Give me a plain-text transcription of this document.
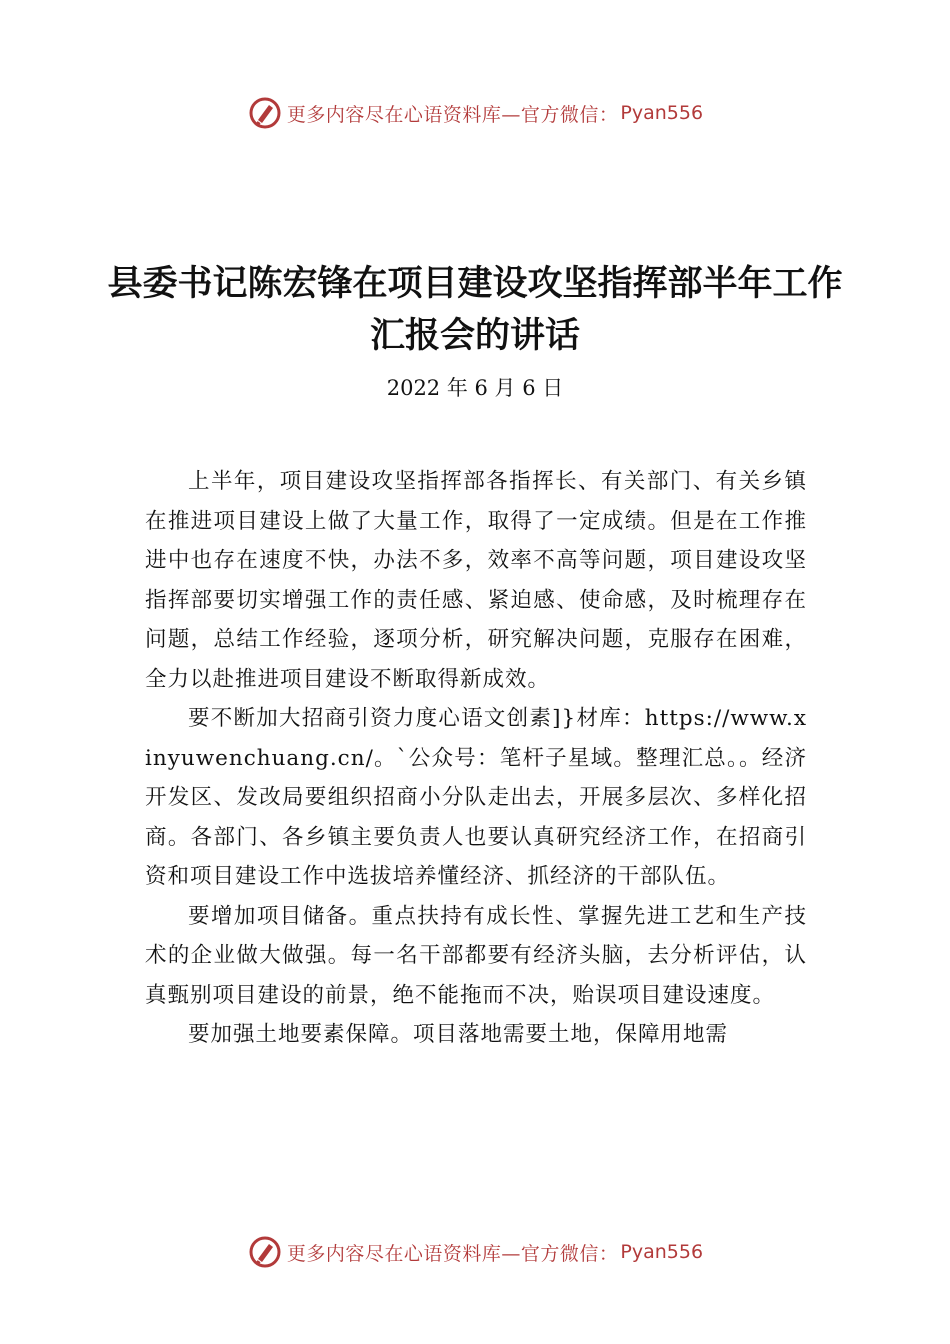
更多内容尽在心语资料库—官方微信： Pyan556
县委书记陈宏锋在项目建设攻坚指挥部半年工作汇报会的讲话
2022 年 6 月 6 日

上半年，项目建设攻坚指挥部各指挥长、有关部门、有关乡镇在推进项目建设上做了大量工作，取得了一定成绩。但是在工作推进中也存在速度不快，办法不多，效率不高等问题，项目建设攻坚指挥部要切实增强工作的责任感、紧迫感、使命感，及时梳理存在问题，总结工作经验，逐项分析，研究解决问题，克服存在困难，全力以赴推进项目建设不断取得新成效。

要不断加大招商引资力度心语文创素]}材库：https://www.xinyuwenchuang.cn/。`公众号：笔杆子星域。整理汇总。。经济开发区、发改局要组织招商小分队走出去，开展多层次、多样化招商。各部门、各乡镇主要负责人也要认真研究经济工作，在招商引资和项目建设工作中选拔培养懂经济、抓经济的干部队伍。

要增加项目储备。重点扶持有成长性、掌握先进工艺和生产技术的企业做大做强。每一名干部都要有经济头脑，去分析评估，认真甄别项目建设的前景，绝不能拖而不决，贻误项目建设速度。

要加强土地要素保障。项目落地需要土地，保障用地需

更多内容尽在心语资料库—官方微信： Pyan556
